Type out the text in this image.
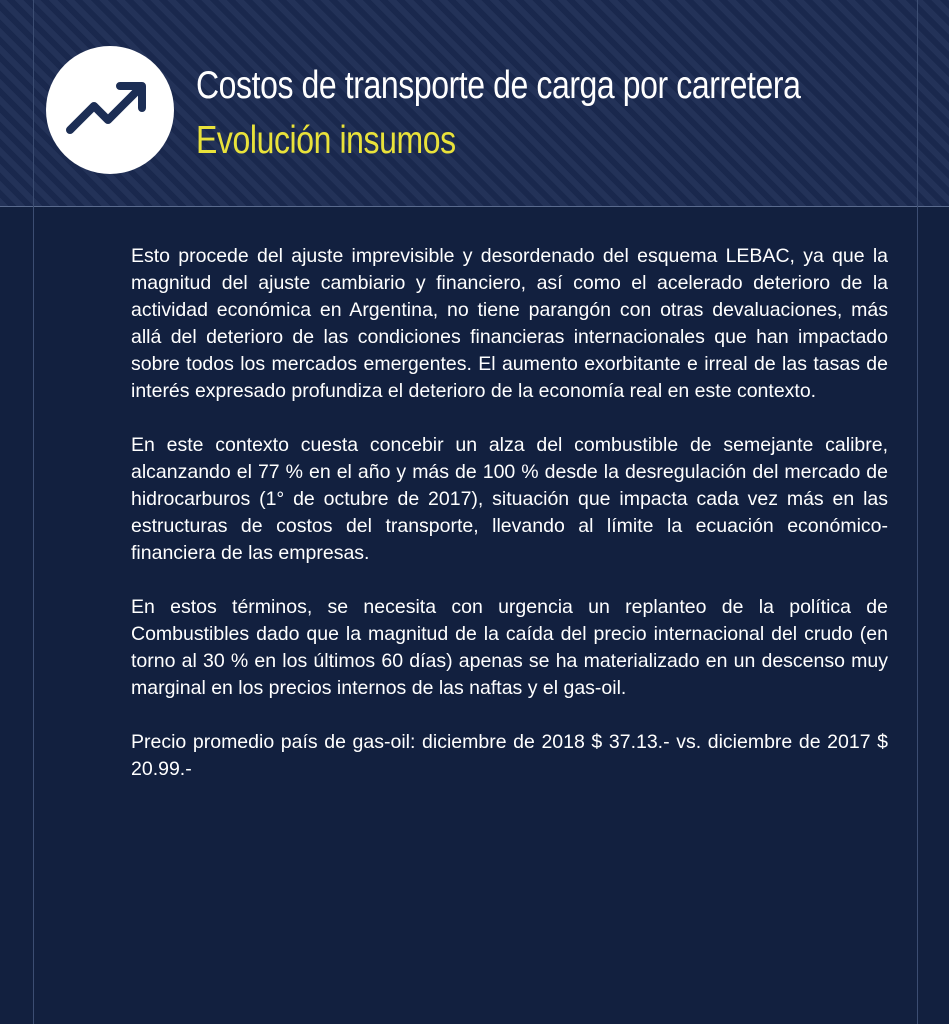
Costos de transporte de carga por carretera
Evolución insumos

Esto procede del ajuste imprevisible y desordenado del esquema LEBAC, ya que la magnitud del ajuste cambiario y financiero, así como el acelerado deterioro de la actividad económica en Argentina, no tiene parangón con otras devaluaciones, más allá del deterioro de las condiciones financieras internacionales que han impactado sobre todos los mercados emergentes. El aumento exorbitante e irreal de las tasas de interés expresado profundiza el deterioro de la economía real en este contexto.

En este contexto cuesta concebir un alza del combustible de semejante calibre, alcanzando el 77 % en el año y más de 100 % desde la desregulación del mercado de hidrocarburos (1° de octubre de 2017), situación que impacta cada vez más en las estructuras de costos del transporte, llevando al límite la ecuación económico-financiera de las empresas.

En estos términos, se necesita con urgencia un replanteo de la política de Combustibles dado que la magnitud de la caída del precio internacional del crudo (en torno al 30 % en los últimos 60 días) apenas se ha materializado en un descenso muy marginal en los precios internos de las naftas y el gas-oil.

Precio promedio país de gas-oil: diciembre de 2018 $ 37.13.- vs. diciembre de 2017 $ 20.99.-
